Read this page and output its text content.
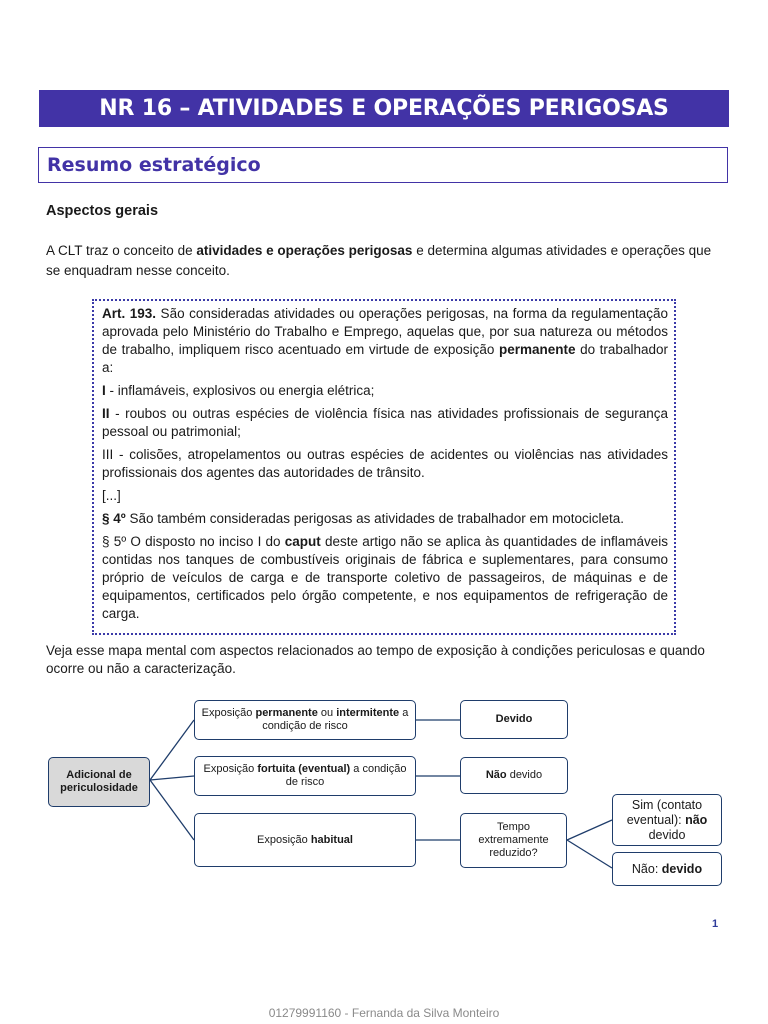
NR 16 – ATIVIDADES E OPERAÇÕES PERIGOSAS
Resumo estratégico
Aspectos gerais

A CLT traz o conceito de atividades e operações perigosas e determina algumas atividades e operações que se enquadram nesse conceito.

Art. 193. São consideradas atividades ou operações perigosas, na forma da regulamentação aprovada pelo Ministério do Trabalho e Emprego, aquelas que, por sua natureza ou métodos de trabalho, impliquem risco acentuado em virtude de exposição permanente do trabalhador a:

I - inflamáveis, explosivos ou energia elétrica;

II - roubos ou outras espécies de violência física nas atividades profissionais de segurança pessoal ou patrimonial;

III - colisões, atropelamentos ou outras espécies de acidentes ou violências nas atividades profissionais dos agentes das autoridades de trânsito.

[...]

§ 4º São também consideradas perigosas as atividades de trabalhador em motocicleta.

§ 5º O disposto no inciso I do caput deste artigo não se aplica às quantidades de inflamáveis contidas nos tanques de combustíveis originais de fábrica e suplementares, para consumo próprio de veículos de carga e de transporte coletivo de passageiros, de máquinas e de equipamentos, certificados pelo órgão competente, e nos equipamentos de refrigeração de carga.

Veja esse mapa mental com aspectos relacionados ao tempo de exposição à condições periculosas e quando ocorre ou não a caracterização.

Adicional de periculosidade
Exposição permanente ou intermitente a condição de risco
Exposição fortuita (eventual) a condição de risco
Exposição habitual
Devido
Não devido
Tempo extremamente reduzido?
Sim (contato eventual): não devido
Não: devido
1
01279991160 - Fernanda da Silva Monteiro
